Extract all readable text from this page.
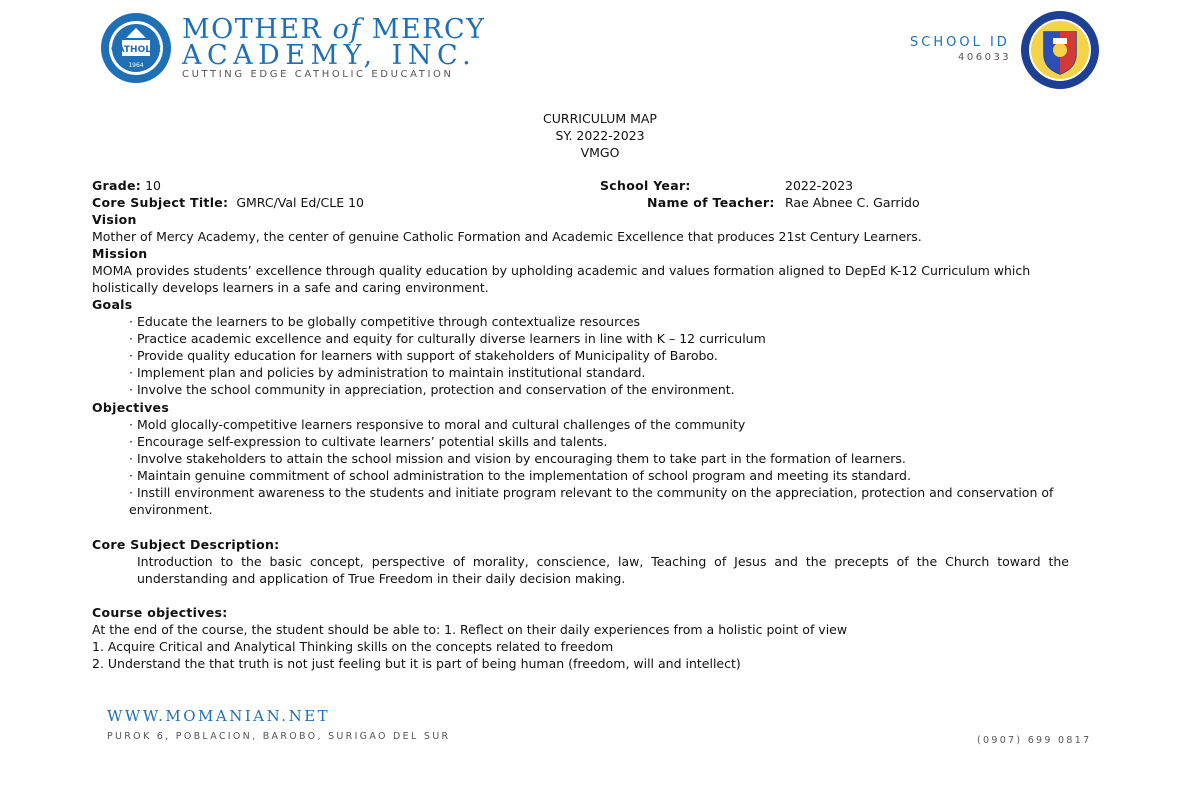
CATHOLIC
1964
MOTHER of MERCY
ACADEMY, INC.
CUTTING EDGE CATHOLIC EDUCATION
SCHOOL ID
406033
CURRICULUM MAP
SY. 2022-2023
VMGO
Grade: 10	School Year:	2022-2023
Core Subject Title: GMRC/Val Ed/CLE 10	Name of Teacher: Rae Abnee C. Garrido
Vision
Mother of Mercy Academy, the center of genuine Catholic Formation and Academic Excellence that produces 21st Century Learners.
Mission
MOMA provides students’ excellence through quality education by upholding academic and values formation aligned to DepEd K-12 Curriculum which
holistically develops learners in a safe and caring environment.
Goals
· Educate the learners to be globally competitive through contextualize resources
· Practice academic excellence and equity for culturally diverse learners in line with K – 12 curriculum
· Provide quality education for learners with support of stakeholders of Municipality of Barobo.
· Implement plan and policies by administration to maintain institutional standard.
· Involve the school community in appreciation, protection and conservation of the environment.
Objectives
· Mold glocally-competitive learners responsive to moral and cultural challenges of the community
· Encourage self-expression to cultivate learners’ potential skills and talents.
· Involve stakeholders to attain the school mission and vision by encouraging them to take part in the formation of learners.
· Maintain genuine commitment of school administration to the implementation of school program and meeting its standard.
· Instill environment awareness to the students and initiate program relevant to the community on the appreciation, protection and conservation of
environment.
Core Subject Description:
Introduction to the basic concept, perspective of morality, conscience, law, Teaching of Jesus and the precepts of the Church toward the understanding and application of True Freedom in their daily decision making.
Course objectives:
At the end of the course, the student should be able to: 1. Reflect on their daily experiences from a holistic point of view
1. Acquire Critical and Analytical Thinking skills on the concepts related to freedom
2. Understand the that truth is not just feeling but it is part of being human (freedom, will and intellect)
WWW.MOMANIAN.NET
PUROK 6, POBLACION, BAROBO, SURIGAO DEL SUR	(0907) 699 0817
